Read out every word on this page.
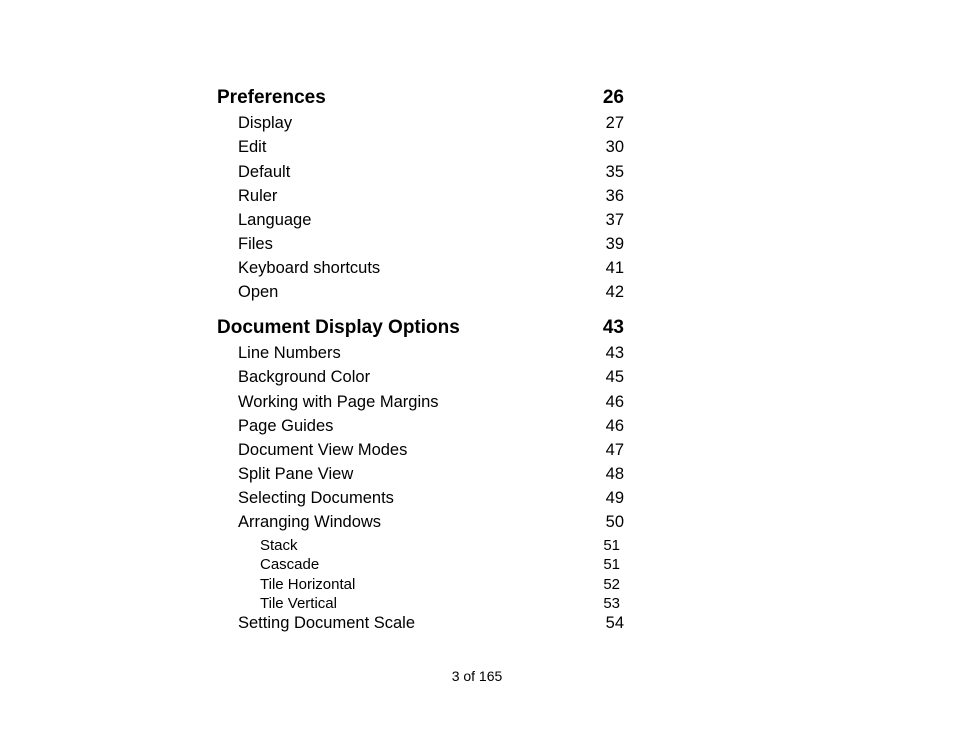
Preferences	26
Display	27
Edit	30
Default	35
Ruler	36
Language	37
Files	39
Keyboard shortcuts	41
Open	42
Document Display Options	43
Line Numbers	43
Background Color	45
Working with Page Margins	46
Page Guides	46
Document View Modes	47
Split Pane View	48
Selecting Documents	49
Arranging Windows	50
Stack	51
Cascade	51
Tile Horizontal	52
Tile Vertical	53
Setting Document Scale	54
3 of 165
